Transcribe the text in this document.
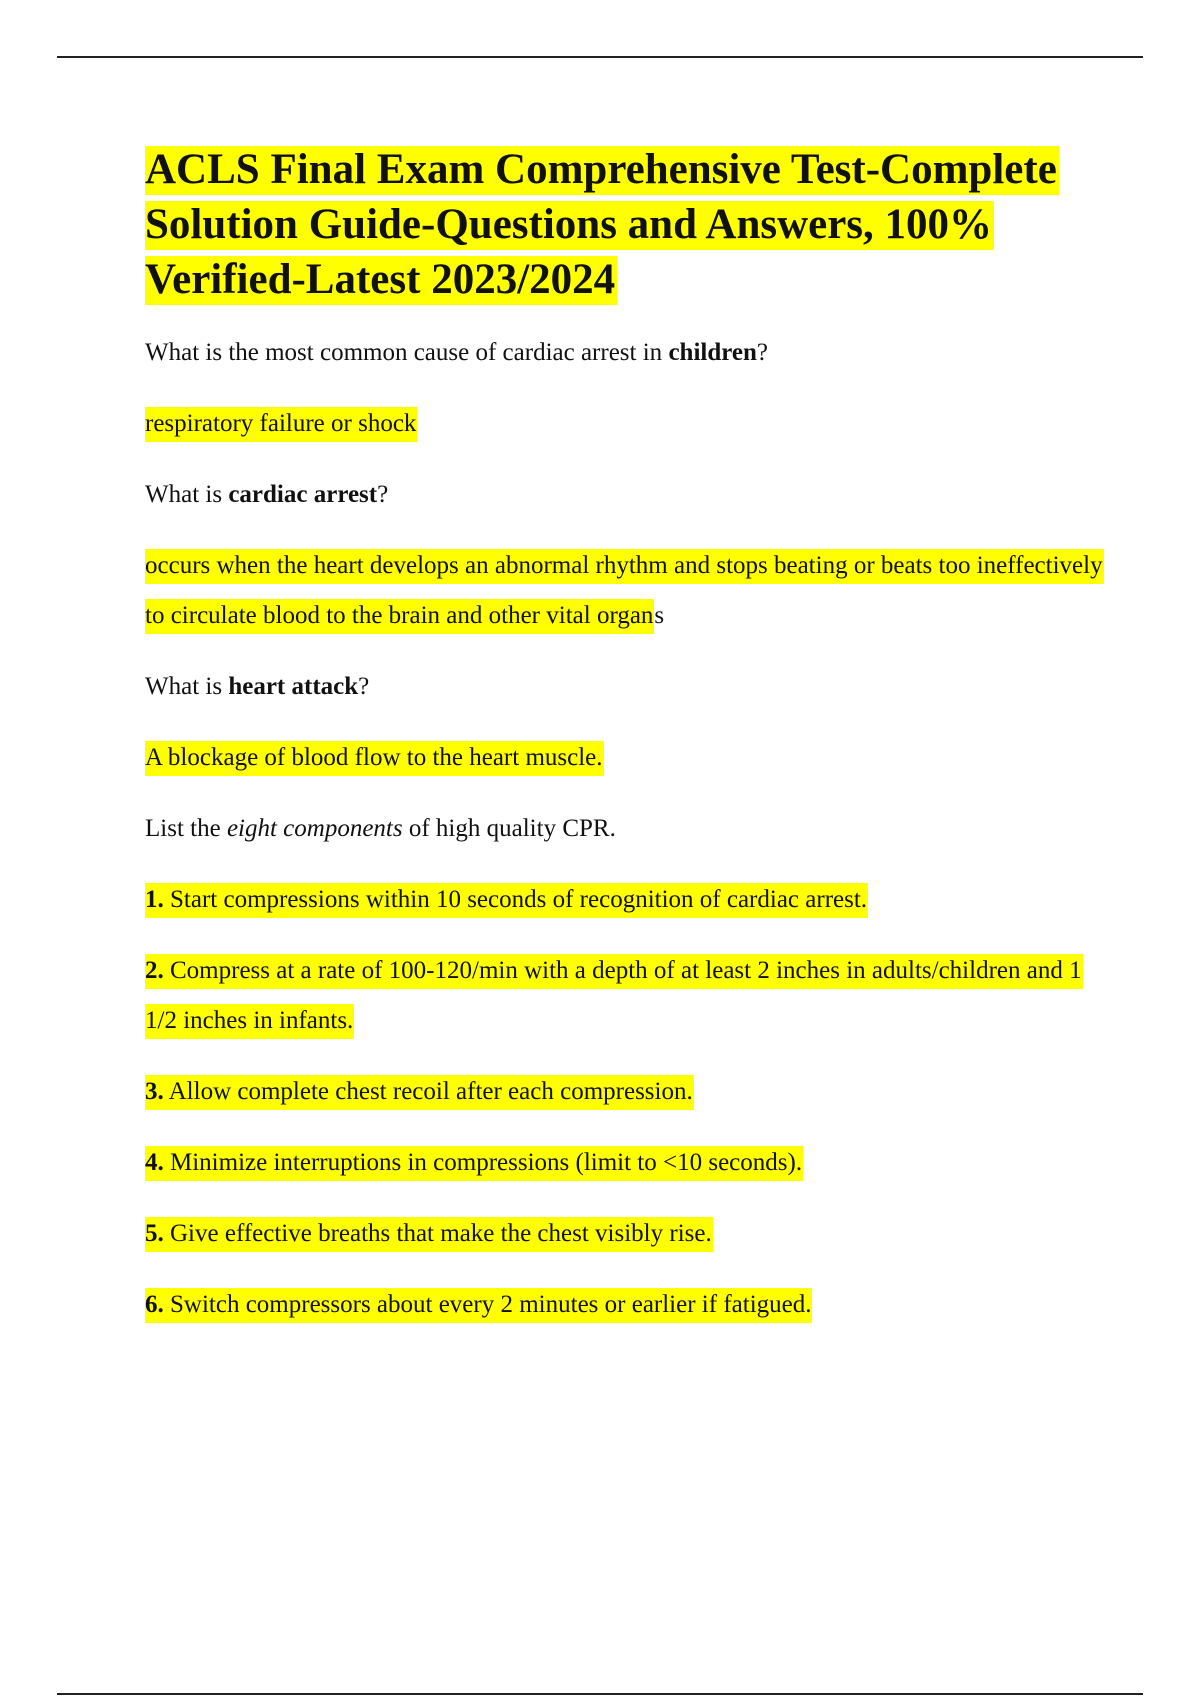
ACLS Final Exam Comprehensive Test-Complete Solution Guide-Questions and Answers, 100% Verified-Latest 2023/2024

What is the most common cause of cardiac arrest in children?

respiratory failure or shock

What is cardiac arrest?

occurs when the heart develops an abnormal rhythm and stops beating or beats too ineffectively to circulate blood to the brain and other vital organs

What is heart attack?

A blockage of blood flow to the heart muscle.

List the eight components of high quality CPR.

1. Start compressions within 10 seconds of recognition of cardiac arrest.

2. Compress at a rate of 100-120/min with a depth of at least 2 inches in adults/children and 1 1/2 inches in infants.

3. Allow complete chest recoil after each compression.

4. Minimize interruptions in compressions (limit to <10 seconds).

5. Give effective breaths that make the chest visibly rise.

6. Switch compressors about every 2 minutes or earlier if fatigued.
